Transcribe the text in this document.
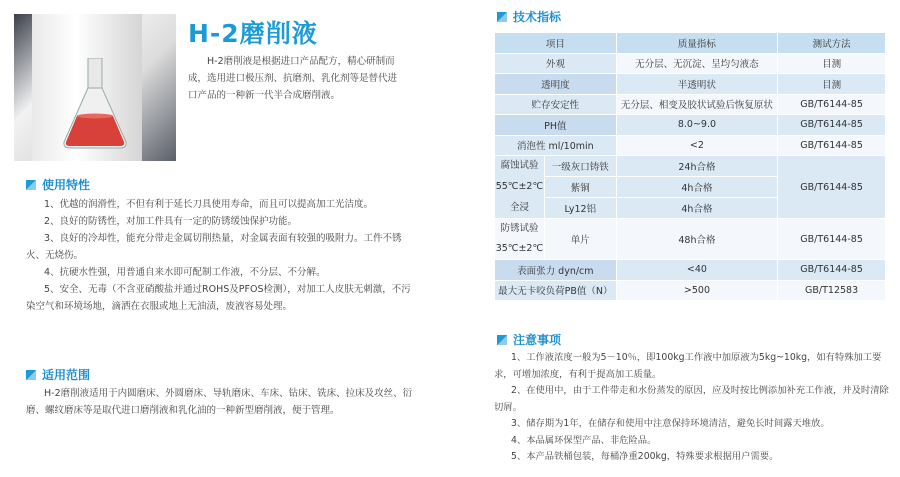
H-2磨削液
H-2磨削液是根据进口产品配方，精心研制而成，选用进口极压剂、抗磨剂、乳化剂等是替代进口产品的一种新一代半合成磨削液。
使用特性

1、优越的润滑性，不但有利于延长刀具使用寿命，而且可以提高加工光洁度。

2、良好的防锈性，对加工件具有一定的防锈缓蚀保护功能。

3、良好的冷却性，能充分带走金属切削热量，对金属表面有较强的吸附力。工件不锈火、无烧伤。

4、抗硬水性强，用普通自来水即可配制工作液，不分层、不分解。

5、安全、无毒（不含亚硝酸盐并通过ROHS及PFOS检测），对加工人皮肤无刺激，不污染空气和环境场地，滴洒在衣服或地上无油渍，废液容易处理。

适用范围
H-2磨削液适用于内圆磨床、外圆磨床、导轨磨床、车床、钻床、铣床、拉床及攻丝、衍磨、螺纹磨床等是取代进口磨削液和乳化油的一种新型磨削液，便于管理。
技术指标
项目		质量指标	测试方法
外观		无分层、无沉淀、呈均匀液态	目测
透明度		半透明状	目测
贮存安定性		无分层、相变及胶状试验后恢复原状	GB/T6144-85
PH值		8.0~9.0	GB/T6144-85
消泡性 ml/10min		<2	GB/T6144-85

腐蚀试验
55℃±2℃
全浸	一级灰口铸铁	24h合格	GB/T6144-85
	紫铜	4h合格	
	Ly12铝	4h合格	

防锈试验
35℃±2℃	单片	48h合格	GB/T6144-85
表面张力 dyn/cm		<40	GB/T6144-85
最大无卡咬负荷PB值（N）		>500	GB/T12583
注意事项

1、工作液浓度一般为5－10％，即100kg工作液中加原液为5kg~10kg，如有特殊加工要求，可增加浓度，有利于提高加工质量。

2、在使用中，由于工件带走和水份蒸发的原因，应及时按比例添加补充工作液，并及时清除切屑。

3、储存期为1年，在储存和使用中注意保持环境清洁，避免长时间露天堆放。

4、本品属环保型产品、非危险品。

5、本产品铁桶包装，每桶净重200kg，特殊要求根据用户需要。
